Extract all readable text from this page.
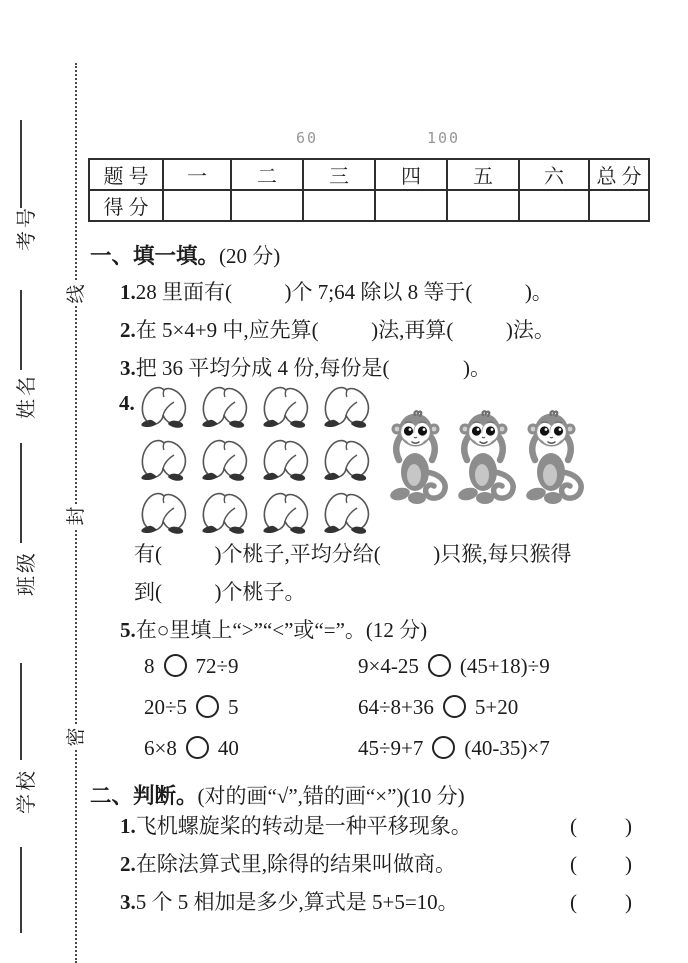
考号
姓名
班级
学校
线
封
密
60	100
题 号	一	二	三	四	五	六	总 分
得 分							
一、填一填。(20 分)
1.28 里面有(          )个 7;64 除以 8 等于(          )。
2.在 5×4+9 中,应先算(          )法,再算(          )法。
3.把 36 平均分成 4 份,每份是(              )。
4.
有(          )个桃子,平均分给(          )只猴,每只猴得
到(          )个桃子。
5.在○里填上“>”“<”或“=”。(12 分)
8 72÷9	9×4-25 (45+18)÷9
20÷5 5	64÷8+36 5+20
6×8 40	45÷9+7 (40-35)×7
二、判断。(对的画“√”,错的画“×”)(10 分)
1.飞机螺旋桨的转动是一种平移现象。	( )
2.在除法算式里,除得的结果叫做商。	( )
3.5 个 5 相加是多少,算式是 5+5=10。	( )
